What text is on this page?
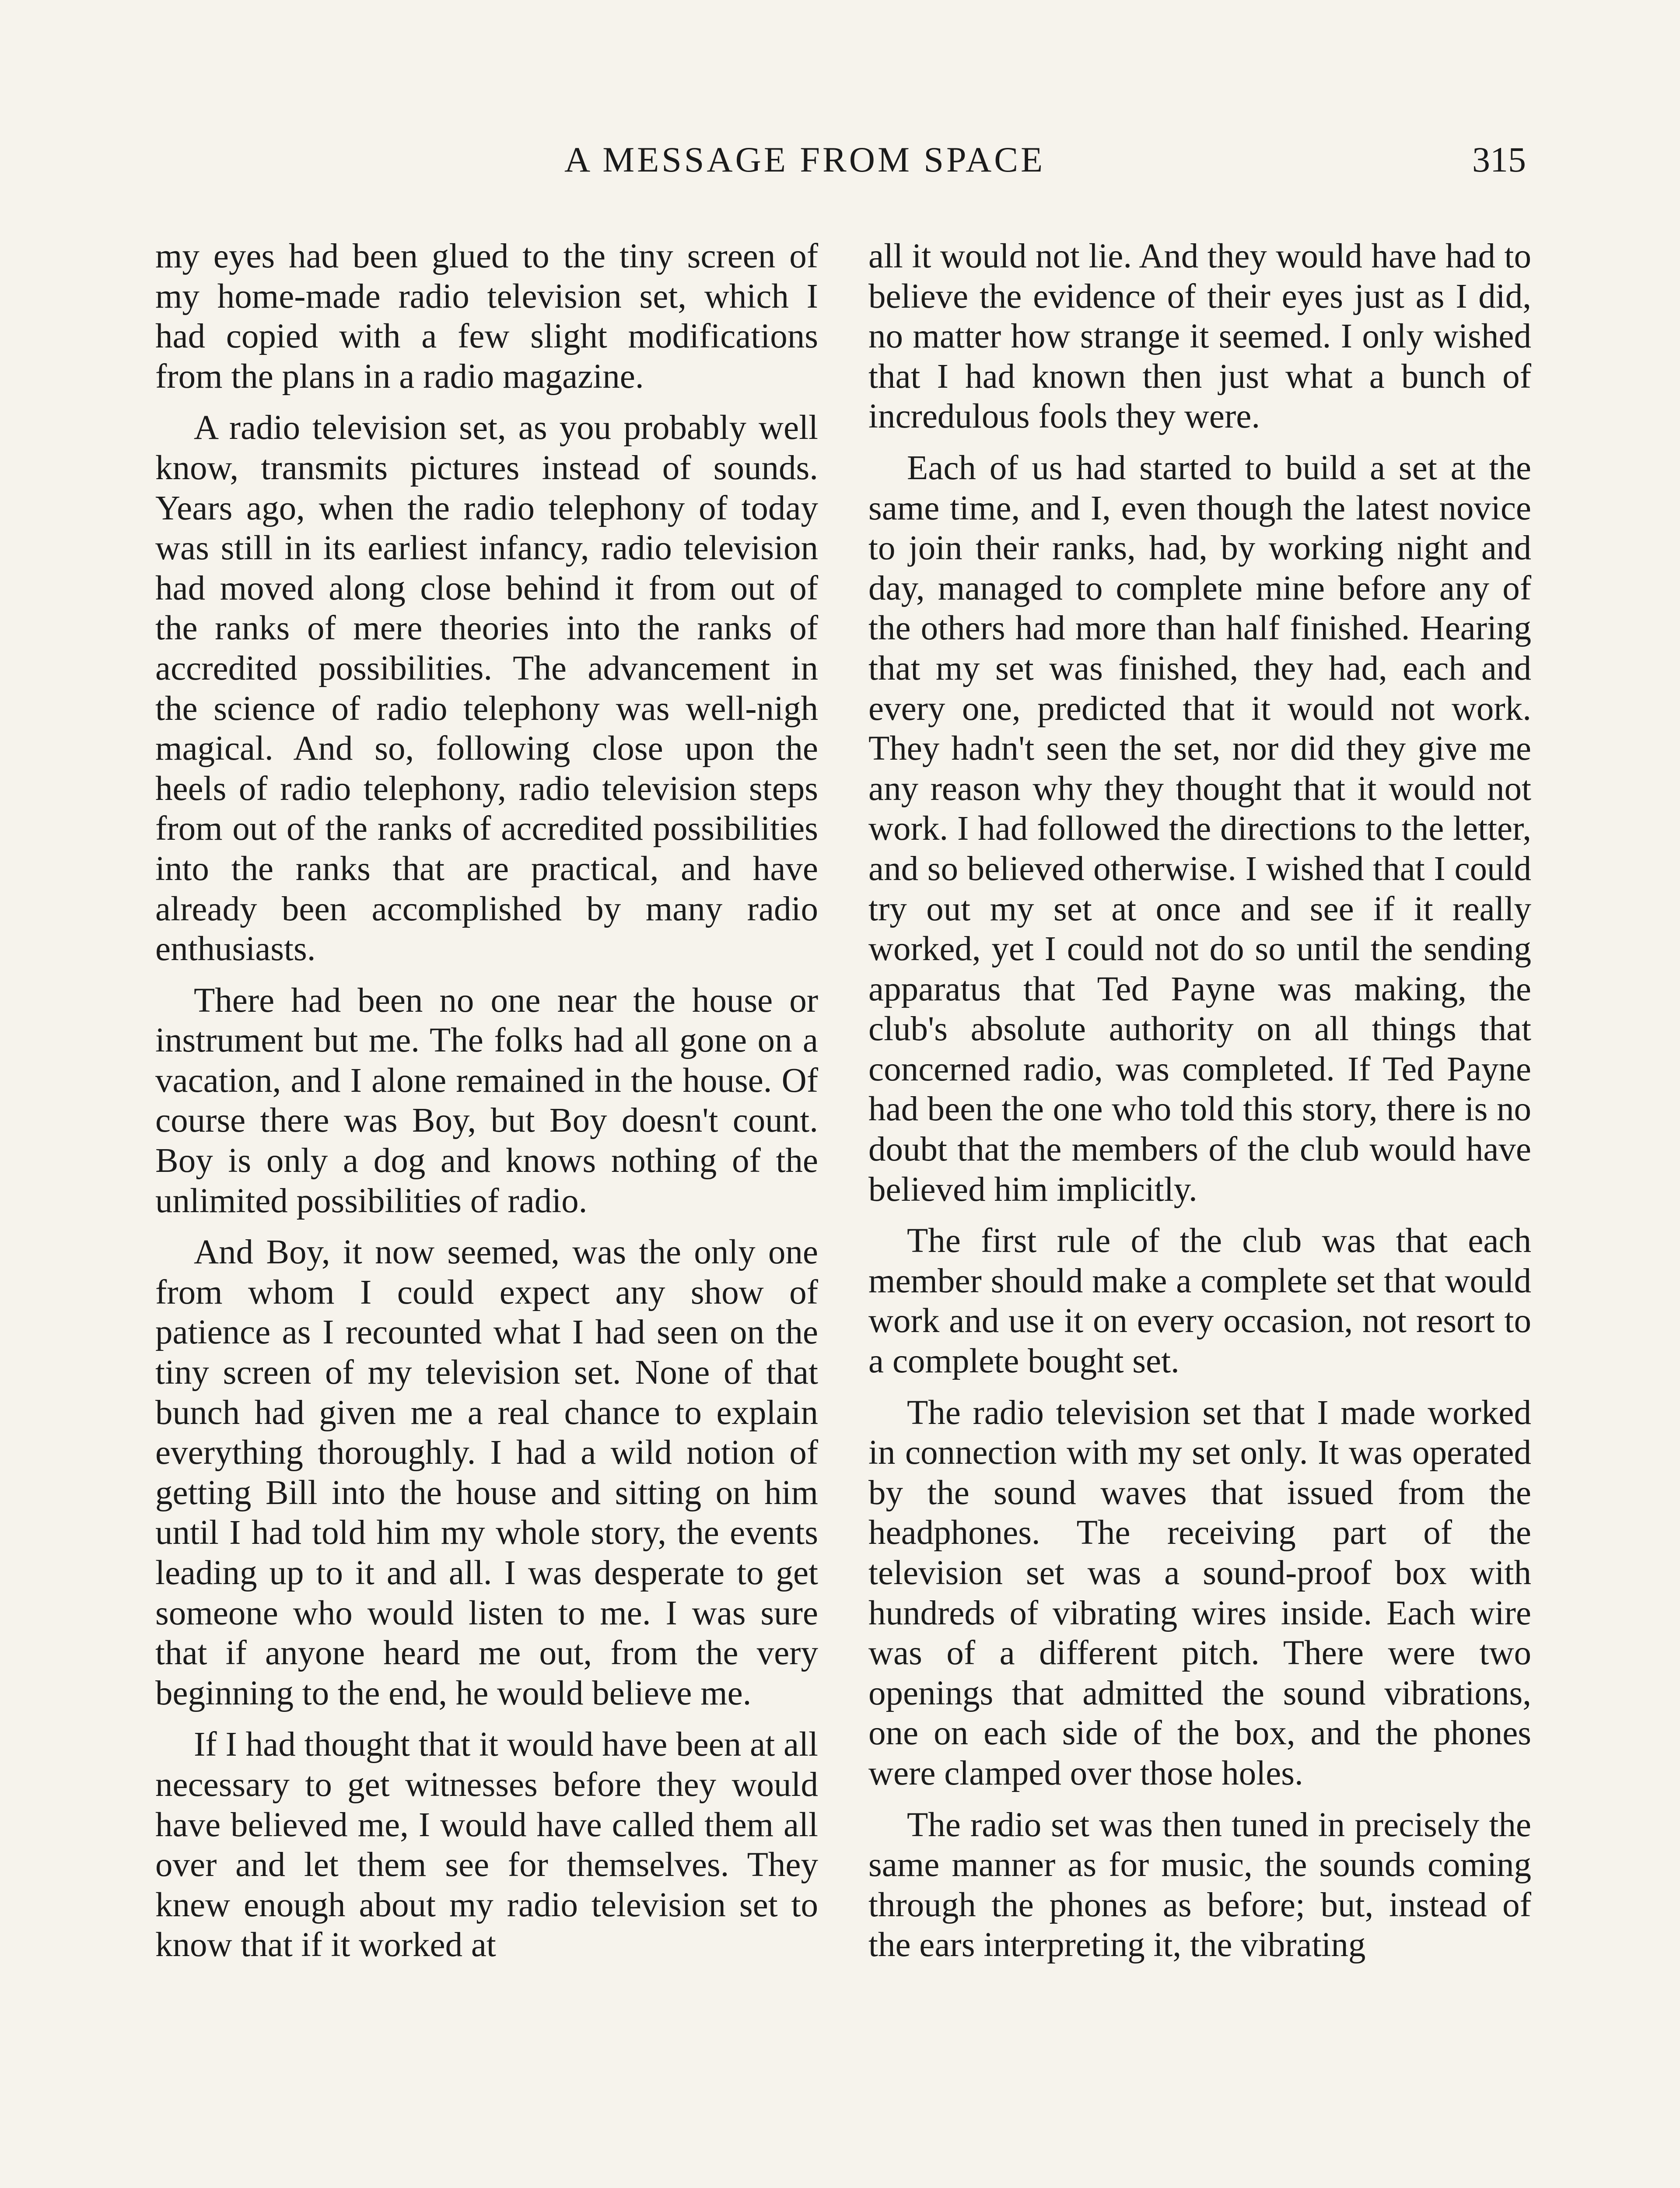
A MESSAGE FROM SPACE	315

my eyes had been glued to the tiny screen of my home-made radio television set, which I had copied with a few slight modifications from the plans in a radio magazine.

A radio television set, as you probably well know, transmits pictures instead of sounds. Years ago, when the radio telephony of today was still in its earliest infancy, radio television had moved along close behind it from out of the ranks of mere theories into the ranks of accredited possibilities. The advancement in the science of radio telephony was well-nigh magical. And so, following close upon the heels of radio telephony, radio television steps from out of the ranks of accredited possibilities into the ranks that are practical, and have already been accomplished by many radio enthusiasts.

There had been no one near the house or instrument but me. The folks had all gone on a vacation, and I alone remained in the house. Of course there was Boy, but Boy doesn't count. Boy is only a dog and knows nothing of the unlimited possibilities of radio.

And Boy, it now seemed, was the only one from whom I could expect any show of patience as I recounted what I had seen on the tiny screen of my television set. None of that bunch had given me a real chance to explain everything thoroughly. I had a wild notion of getting Bill into the house and sitting on him until I had told him my whole story, the events leading up to it and all. I was desperate to get someone who would listen to me. I was sure that if anyone heard me out, from the very beginning to the end, he would believe me.

If I had thought that it would have been at all necessary to get witnesses before they would have believed me, I would have called them all over and let them see for themselves. They knew enough about my radio television set to know that if it worked at

all it would not lie. And they would have had to believe the evidence of their eyes just as I did, no matter how strange it seemed. I only wished that I had known then just what a bunch of incredulous fools they were.

Each of us had started to build a set at the same time, and I, even though the latest novice to join their ranks, had, by working night and day, managed to complete mine before any of the others had more than half finished. Hearing that my set was finished, they had, each and every one, predicted that it would not work. They hadn't seen the set, nor did they give me any reason why they thought that it would not work. I had followed the directions to the letter, and so believed otherwise. I wished that I could try out my set at once and see if it really worked, yet I could not do so until the sending apparatus that Ted Payne was making, the club's absolute authority on all things that concerned radio, was completed. If Ted Payne had been the one who told this story, there is no doubt that the members of the club would have believed him implicitly.

The first rule of the club was that each member should make a complete set that would work and use it on every occasion, not resort to a complete bought set.

The radio television set that I made worked in connection with my set only. It was operated by the sound waves that issued from the headphones. The receiving part of the television set was a sound-proof box with hundreds of vibrating wires inside. Each wire was of a different pitch. There were two openings that admitted the sound vibrations, one on each side of the box, and the phones were clamped over those holes.

The radio set was then tuned in precisely the same manner as for music, the sounds coming through the phones as before; but, instead of the ears interpreting it, the vibrating
